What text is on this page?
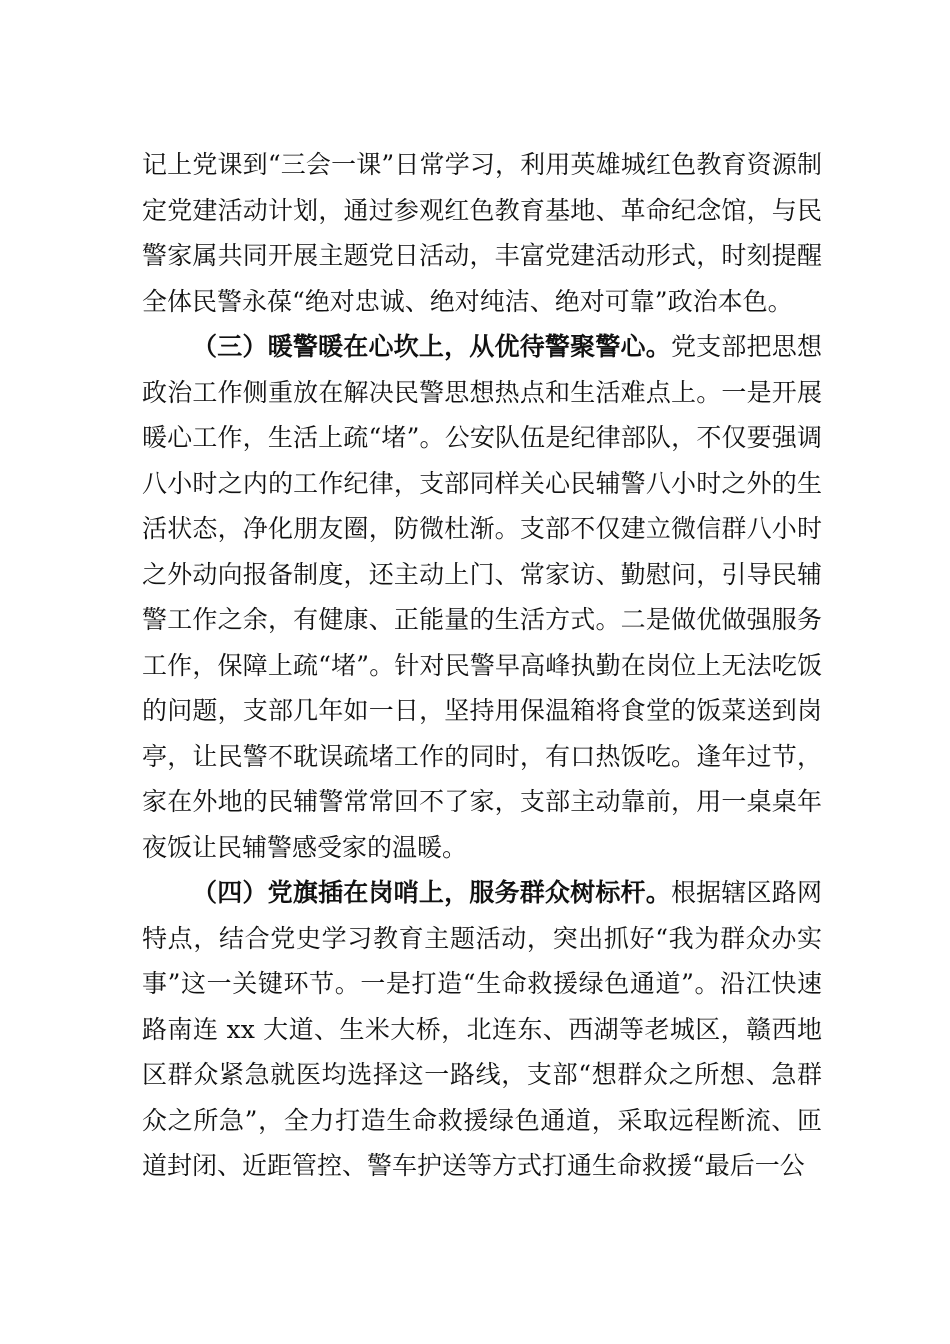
记上党课到“三会一课”日常学习，利用英雄城红色教育资源制定党建活动计划，通过参观红色教育基地、革命纪念馆，与民警家属共同开展主题党日活动，丰富党建活动形式，时刻提醒全体民警永葆“绝对忠诚、绝对纯洁、绝对可靠”政治本色。

（三）暖警暖在心坎上，从优待警聚警心。党支部把思想政治工作侧重放在解决民警思想热点和生活难点上。一是开展暖心工作，生活上疏“堵”。公安队伍是纪律部队，不仅要强调八小时之内的工作纪律，支部同样关心民辅警八小时之外的生活状态，净化朋友圈，防微杜渐。支部不仅建立微信群八小时之外动向报备制度，还主动上门、常家访、勤慰问，引导民辅警工作之余，有健康、正能量的生活方式。二是做优做强服务工作，保障上疏“堵”。针对民警早高峰执勤在岗位上无法吃饭的问题，支部几年如一日，坚持用保温箱将食堂的饭菜送到岗亭，让民警不耽误疏堵工作的同时，有口热饭吃。逢年过节，家在外地的民辅警常常回不了家，支部主动靠前，用一桌桌年夜饭让民辅警感受家的温暖。

（四）党旗插在岗哨上，服务群众树标杆。根据辖区路网特点，结合党史学习教育主题活动，突出抓好“我为群众办实事”这一关键环节。一是打造“生命救援绿色通道”。沿江快速路南连 xx 大道、生米大桥，北连东、西湖等老城区，赣西地区群众紧急就医均选择这一路线，支部“想群众之所想、急群众之所急”，全力打造生命救援绿色通道，采取远程断流、匝道封闭、近距管控、警车护送等方式打通生命救援“最后一公
